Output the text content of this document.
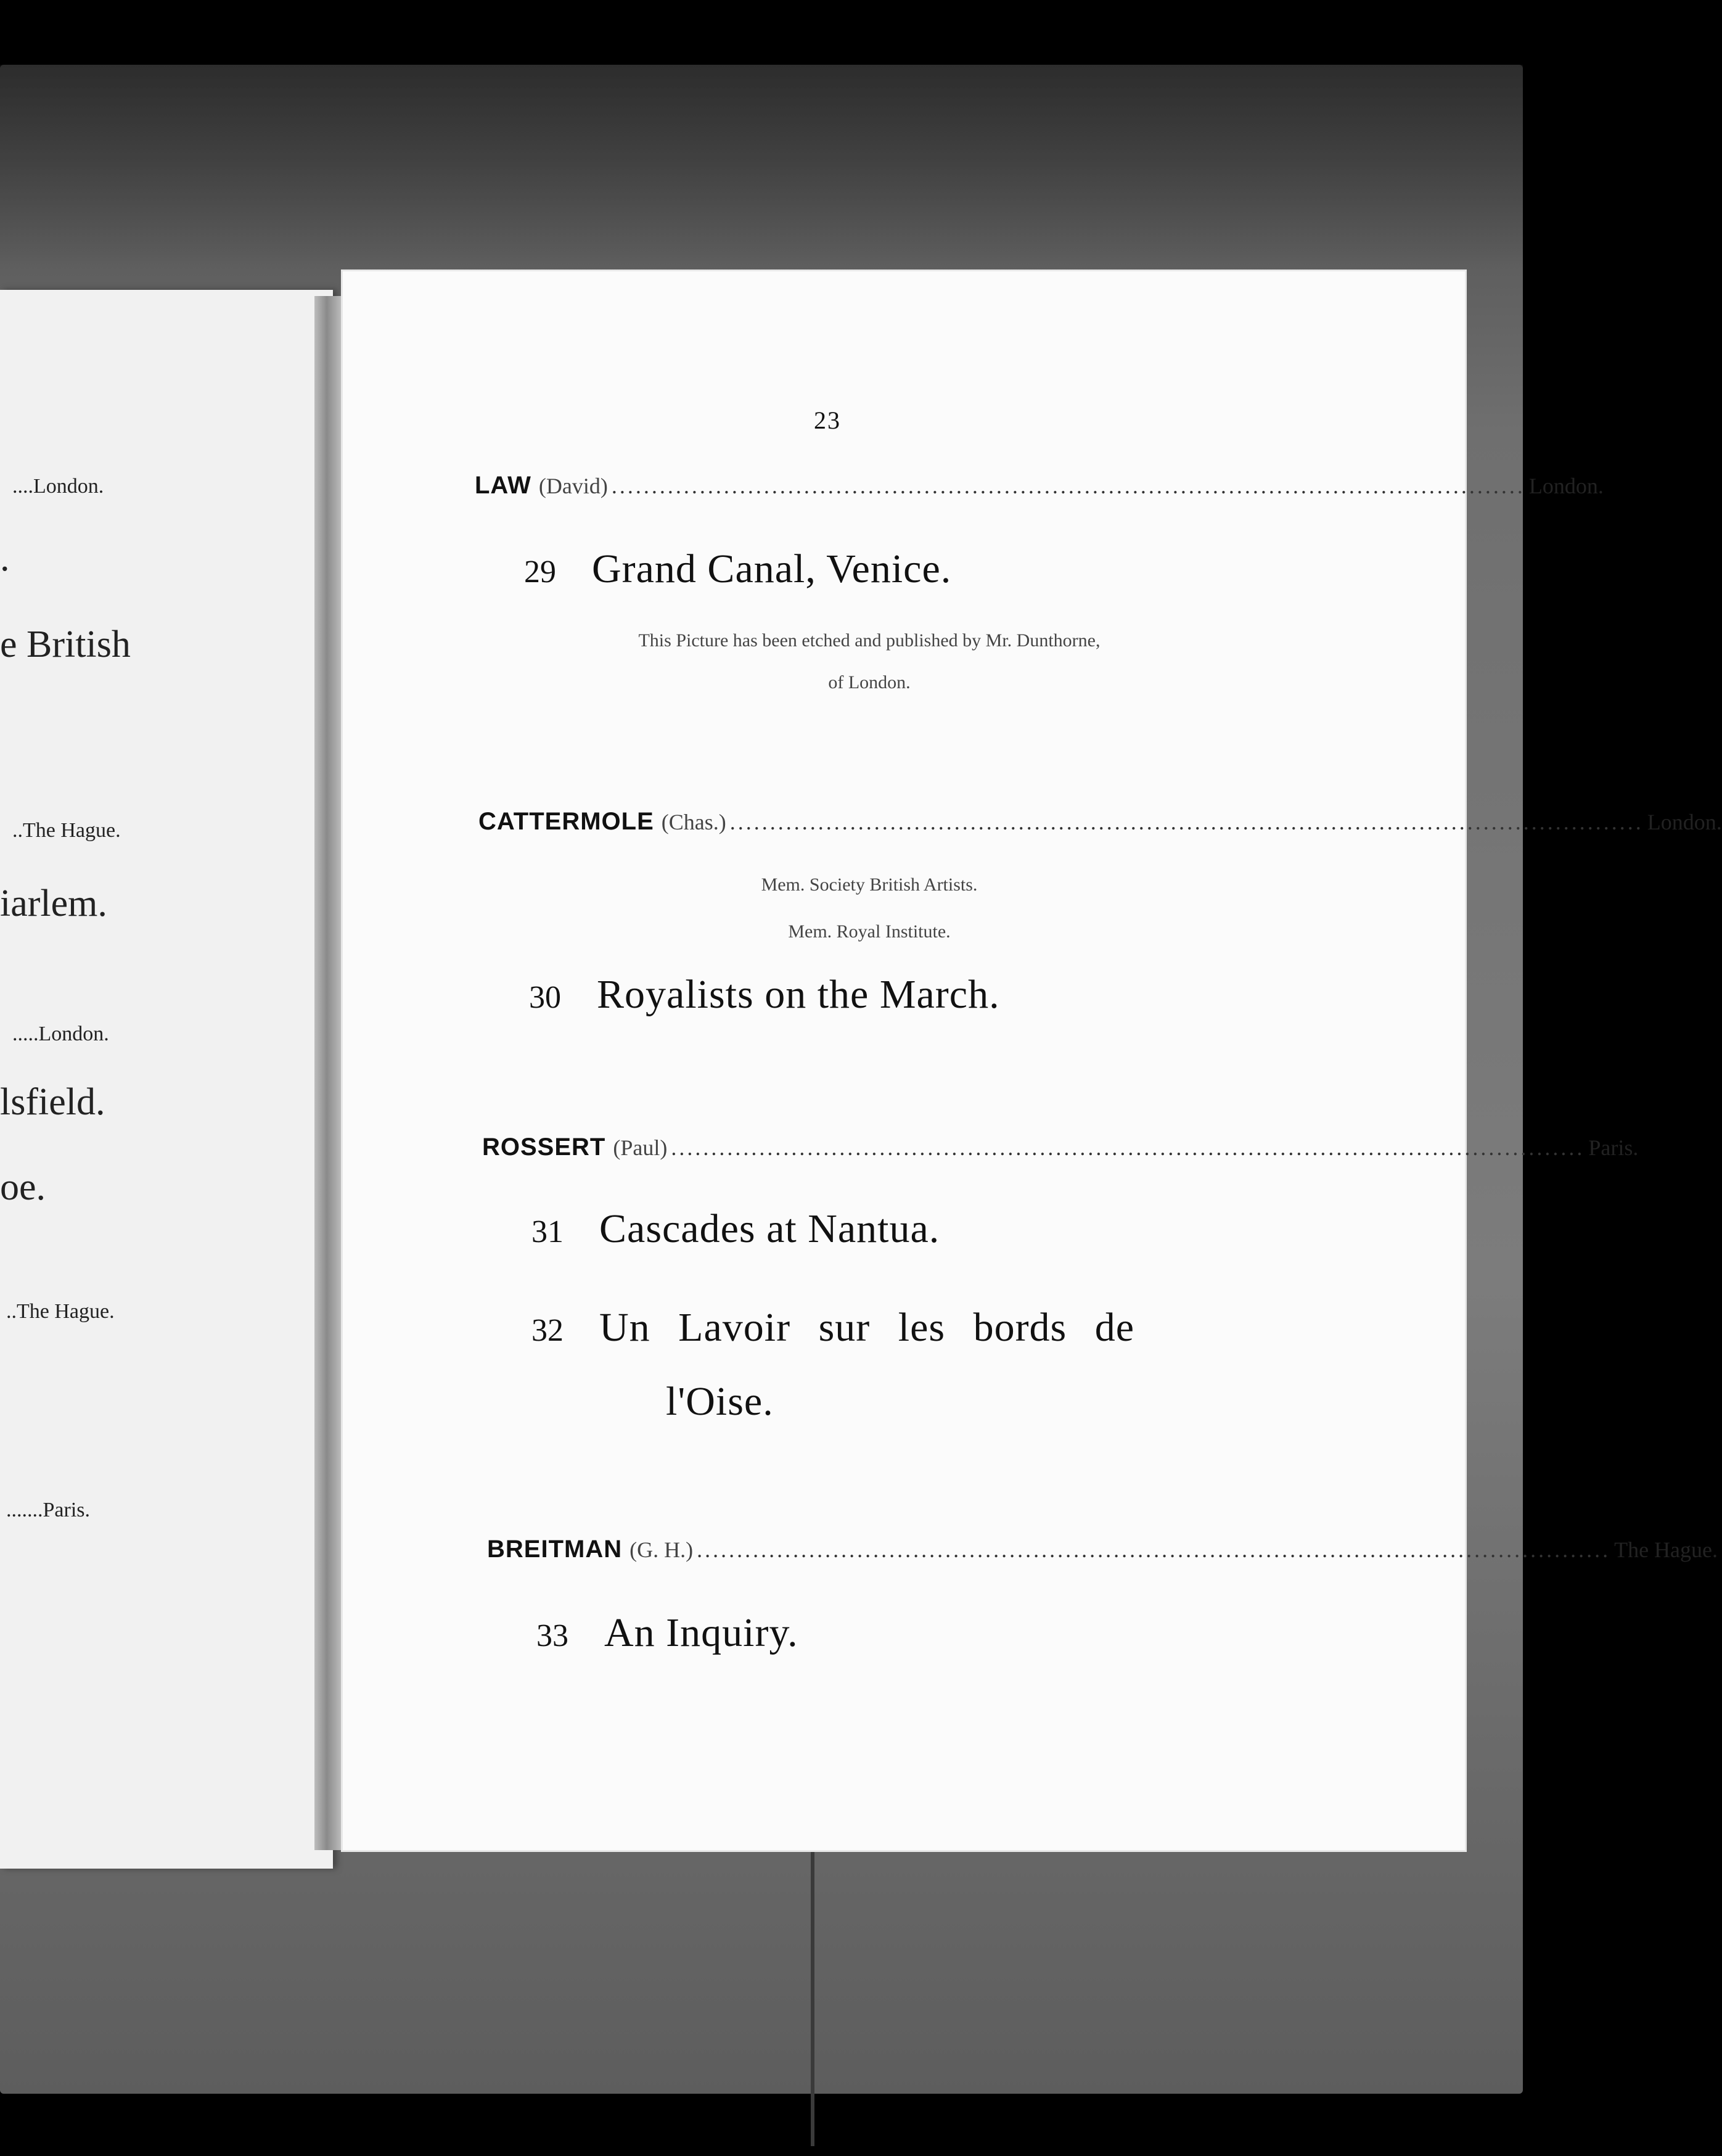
....London.
.
e British
..The Hague.
iarlem.
.....London.
lsfield.
oe.
..The Hague.
.......Paris.
23
LAW (David) .................................................................................................................. London.
29 Grand Canal, Venice.
This Picture has been etched and published by Mr. Dunthorne,
of London.
CATTERMOLE (Chas.) .................................................................................................................. London.
Mem. Society British Artists.
Mem. Royal Institute.
30 Royalists on the March.
ROSSERT (Paul) .................................................................................................................. Paris.
31 Cascades at Nantua.
32 Un Lavoir sur les bords de
l'Oise.
BREITMAN (G. H.) .................................................................................................................. The Hague.
33 An Inquiry.
